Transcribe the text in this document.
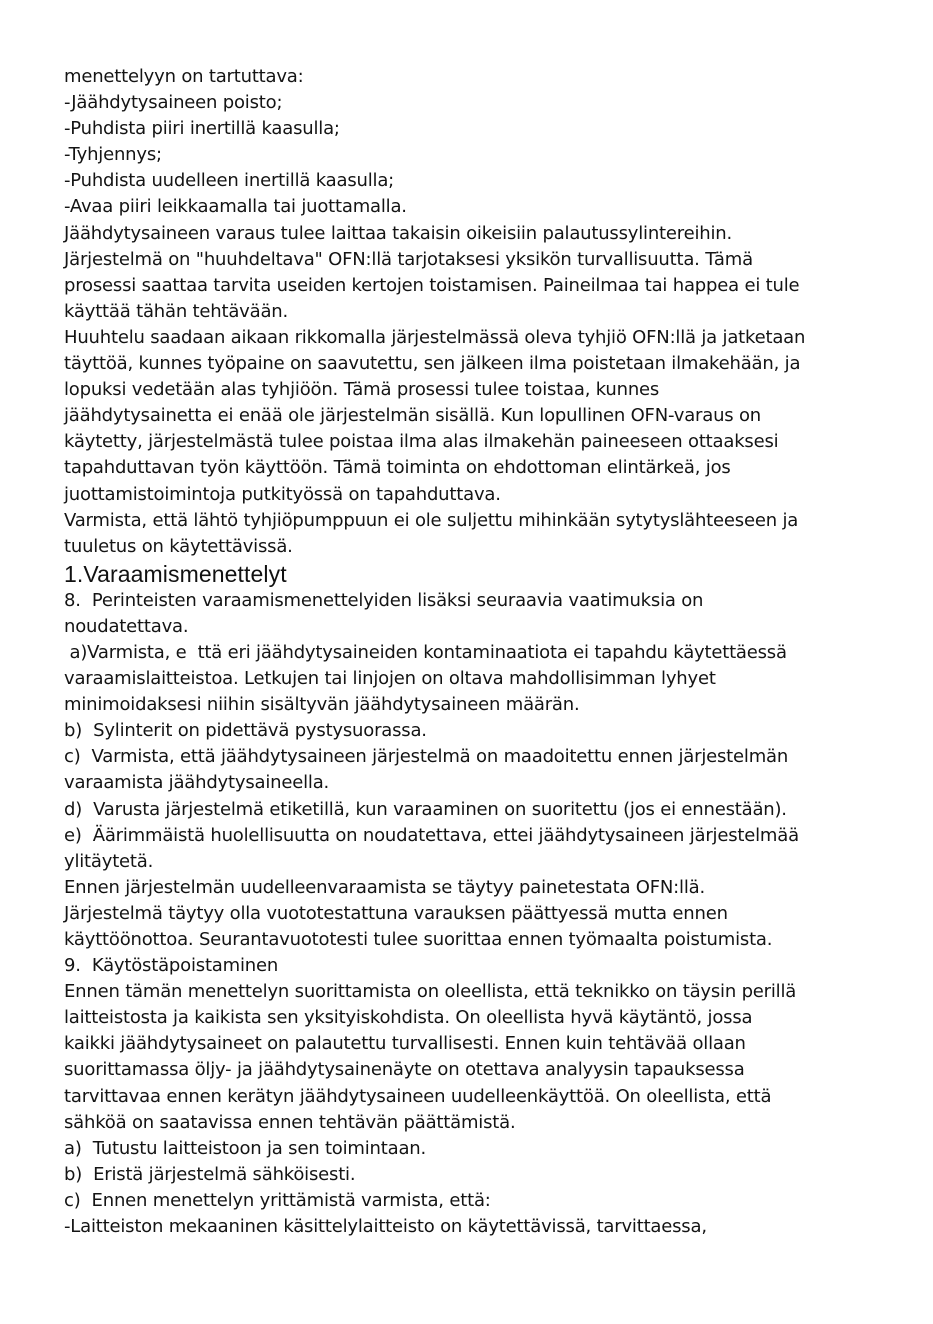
menettelyyn on tartuttava:
-Jäähdytysaineen poisto;
-Puhdista piiri inertillä kaasulla;
-Tyhjennys;
-Puhdista uudelleen inertillä kaasulla;
-Avaa piiri leikkaamalla tai juottamalla.
Jäähdytysaineen varaus tulee laittaa takaisin oikeisiin palautussylintereihin.
Järjestelmä on "huuhdeltava" OFN:llä tarjotaksesi yksikön turvallisuutta. Tämä
prosessi saattaa tarvita useiden kertojen toistamisen. Paineilmaa tai happea ei tule
käyttää tähän tehtävään.
Huuhtelu saadaan aikaan rikkomalla järjestelmässä oleva tyhjiö OFN:llä ja jatketaan
täyttöä, kunnes työpaine on saavutettu, sen jälkeen ilma poistetaan ilmakehään, ja
lopuksi vedetään alas tyhjiöön. Tämä prosessi tulee toistaa, kunnes
jäähdytysainetta ei enää ole järjestelmän sisällä. Kun lopullinen OFN-varaus on
käytetty, järjestelmästä tulee poistaa ilma alas ilmakehän paineeseen ottaaksesi
tapahduttavan työn käyttöön. Tämä toiminta on ehdottoman elintärkeä, jos
juottamistoimintoja putkityössä on tapahduttava.
Varmista, että lähtö tyhjiöpumppuun ei ole suljettu mihinkään sytytyslähteeseen ja
tuuletus on käytettävissä.
1.Varaamismenettelyt
8.  Perinteisten varaamismenettelyiden lisäksi seuraavia vaatimuksia on
noudatettava.
a)Varmista, e  ttä eri jäähdytysaineiden kontaminaatiota ei tapahdu käytettäessä
varaamislaitteistoa. Letkujen tai linjojen on oltava mahdollisimman lyhyet
minimoidaksesi niihin sisältyvän jäähdytysaineen määrän.
b)  Sylinterit on pidettävä pystysuorassa.
c)  Varmista, että jäähdytysaineen järjestelmä on maadoitettu ennen järjestelmän
varaamista jäähdytysaineella.
d)  Varusta järjestelmä etiketillä, kun varaaminen on suoritettu (jos ei ennestään).
e)  Äärimmäistä huolellisuutta on noudatettava, ettei jäähdytysaineen järjestelmää
ylitäytetä.
Ennen järjestelmän uudelleenvaraamista se täytyy painetestata OFN:llä.
Järjestelmä täytyy olla vuototestattuna varauksen päättyessä mutta ennen
käyttöönottoa. Seurantavuototesti tulee suorittaa ennen työmaalta poistumista.
9.  Käytöstäpoistaminen
Ennen tämän menettelyn suorittamista on oleellista, että teknikko on täysin perillä
laitteistosta ja kaikista sen yksityiskohdista. On oleellista hyvä käytäntö, jossa
kaikki jäähdytysaineet on palautettu turvallisesti. Ennen kuin tehtävää ollaan
suorittamassa öljy- ja jäähdytysainenäyte on otettava analyysin tapauksessa
tarvittavaa ennen kerätyn jäähdytysaineen uudelleenkäyttöä. On oleellista, että
sähköä on saatavissa ennen tehtävän päättämistä.
a)  Tutustu laitteistoon ja sen toimintaan.
b)  Eristä järjestelmä sähköisesti.
c)  Ennen menettelyn yrittämistä varmista, että:
-Laitteiston mekaaninen käsittelylaitteisto on käytettävissä, tarvittaessa,
